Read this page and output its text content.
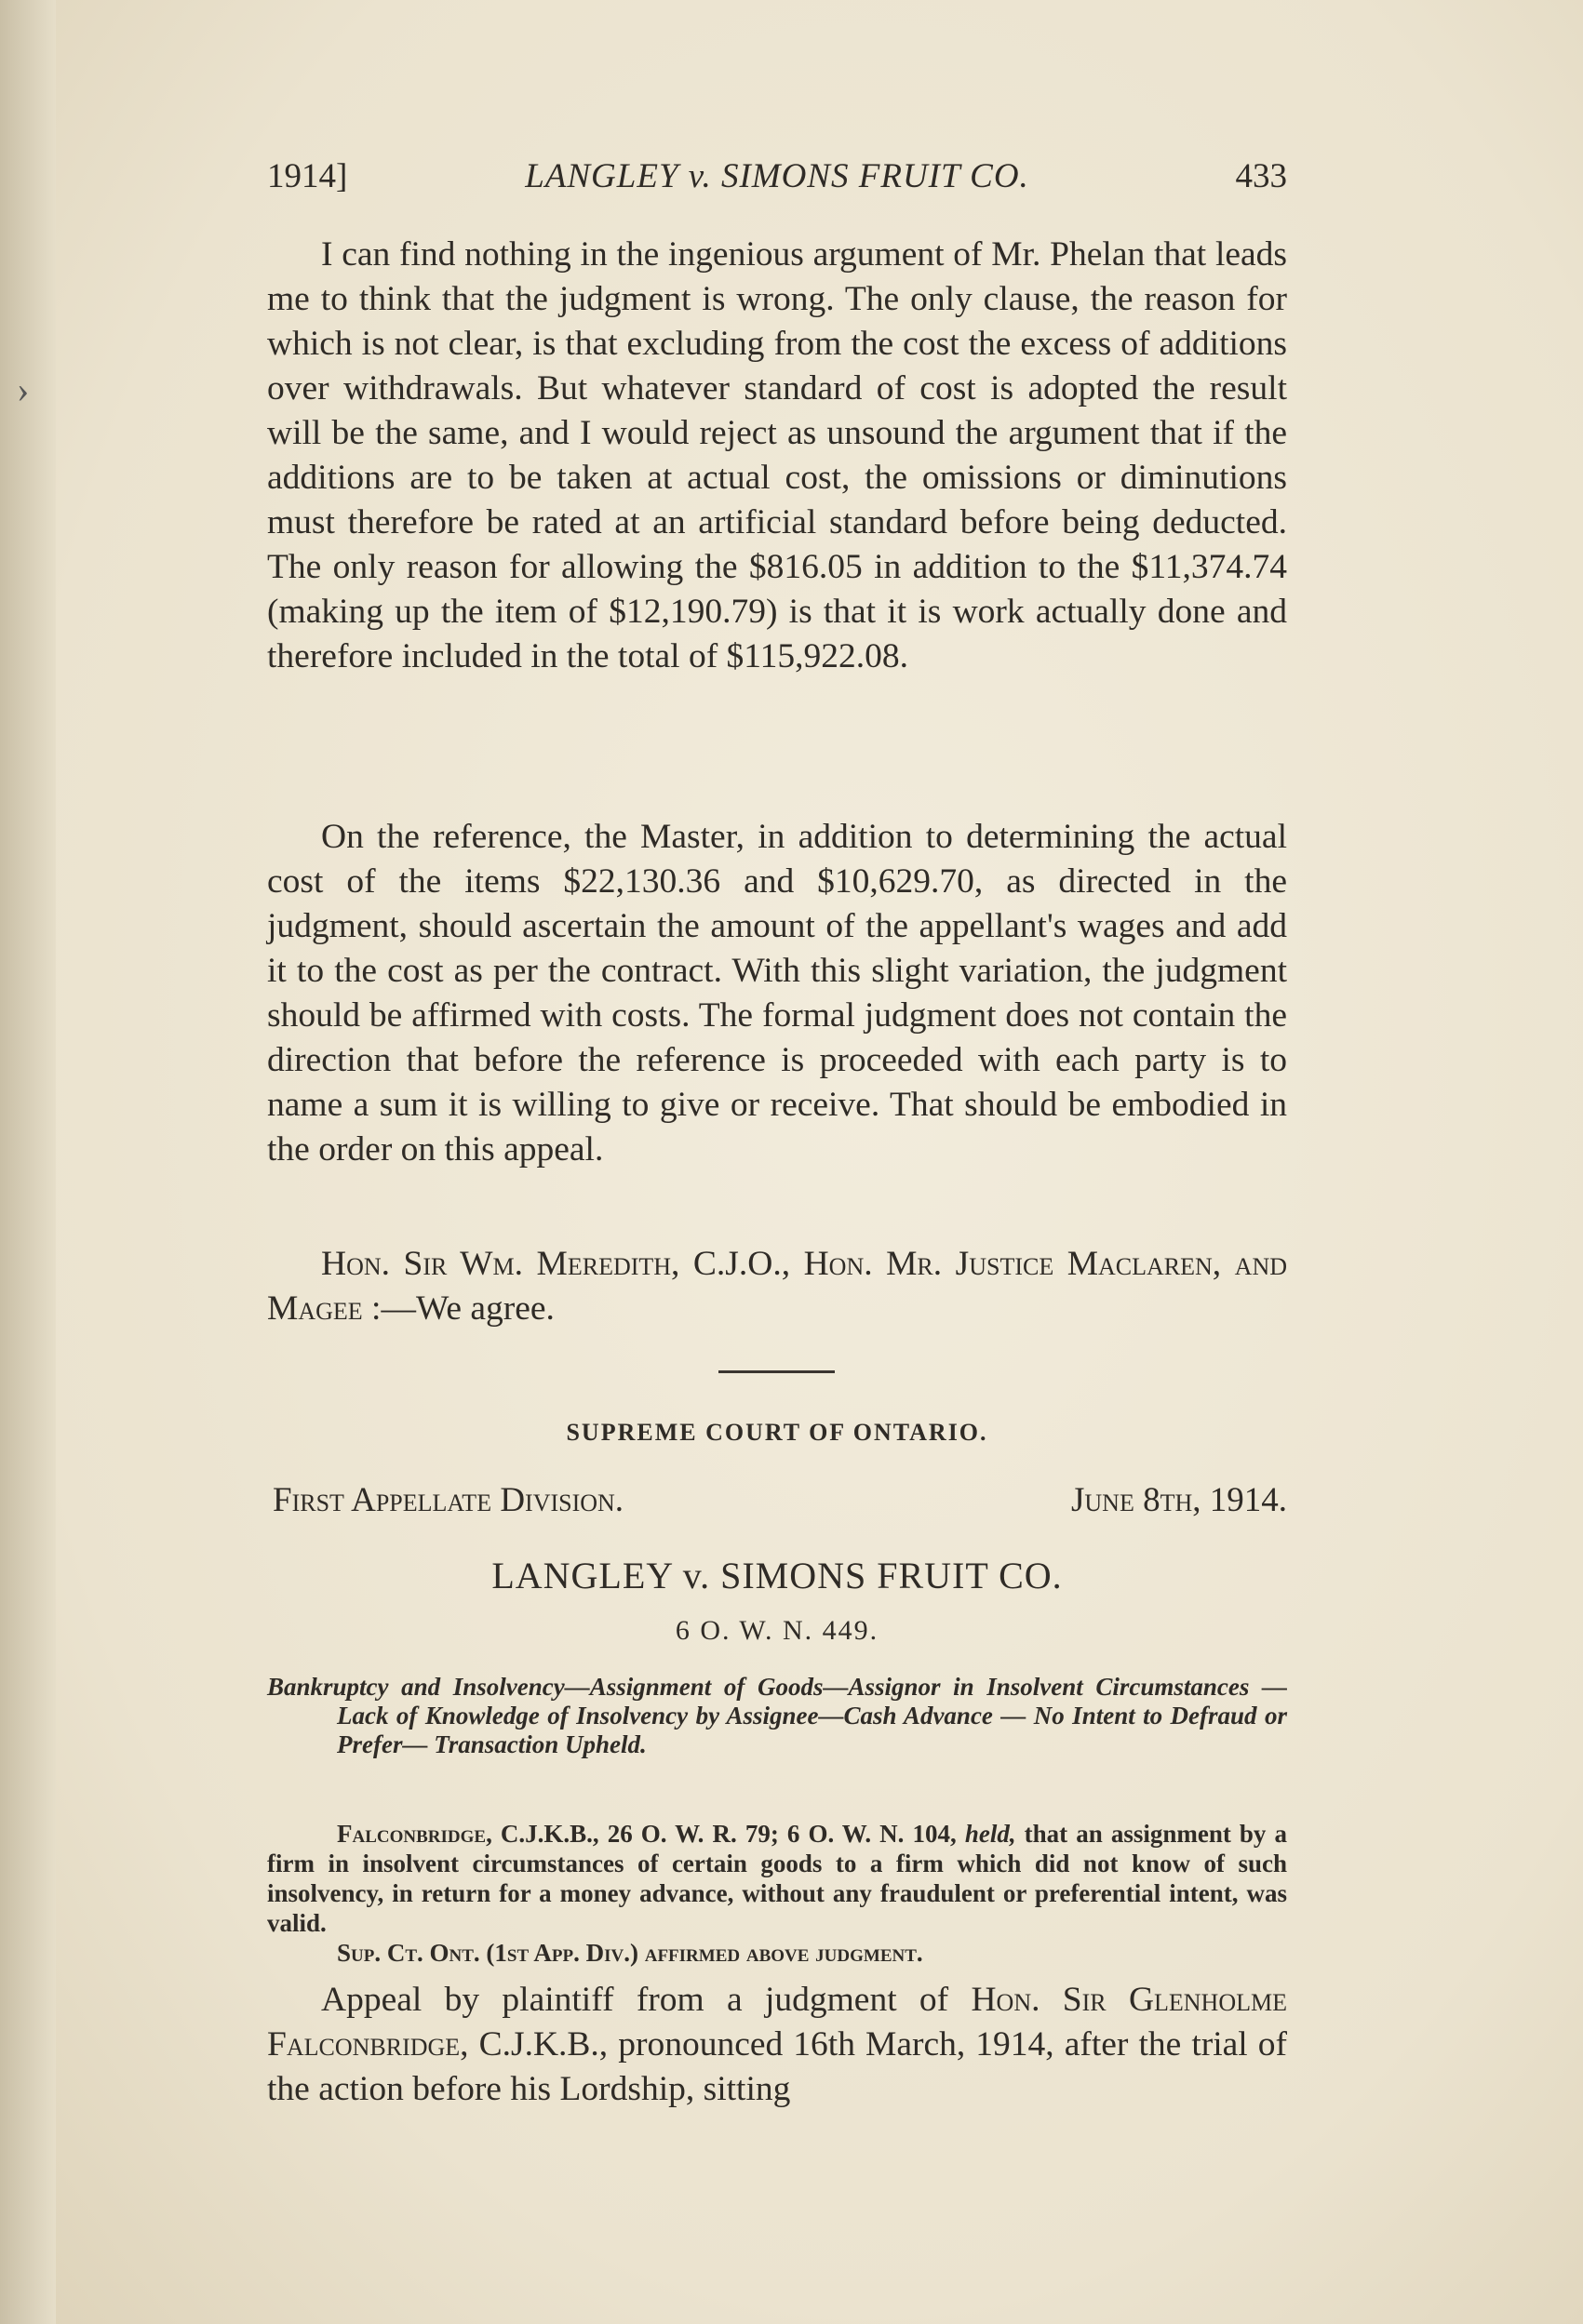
›
1914]	LANGLEY v. SIMONS FRUIT CO.	433
I can find nothing in the ingenious argument of Mr. Phelan that leads me to think that the judgment is wrong. The only clause, the reason for which is not clear, is that excluding from the cost the excess of additions over withdrawals. But whatever standard of cost is adopted the result will be the same, and I would reject as unsound the argument that if the additions are to be taken at actual cost, the omissions or diminutions must therefore be rated at an artificial standard before being deducted. The only reason for allowing the $816.05 in addition to the $11,374.74 (making up the item of $12,190.79) is that it is work actually done and therefore included in the total of $115,922.08.
On the reference, the Master, in addition to determining the actual cost of the items $22,130.36 and $10,629.70, as directed in the judgment, should ascertain the amount of the appellant's wages and add it to the cost as per the contract. With this slight variation, the judgment should be affirmed with costs. The formal judgment does not contain the direction that before the reference is proceeded with each party is to name a sum it is willing to give or receive. That should be embodied in the order on this appeal.
Hon. Sir Wm. Meredith, C.J.O., Hon. Mr. Justice Maclaren, and Magee :—We agree.
SUPREME COURT OF ONTARIO.
First Appellate Division.	June 8th, 1914.
LANGLEY v. SIMONS FRUIT CO.
6 O. W. N. 449.
Bankruptcy and Insolvency—Assignment of Goods—Assignor in Insolvent Circumstances — Lack of Knowledge of Insolvency by Assignee—Cash Advance — No Intent to Defraud or Prefer— Transaction Upheld.
Falconbridge, C.J.K.B., 26 O. W. R. 79; 6 O. W. N. 104, held, that an assignment by a firm in insolvent circumstances of certain goods to a firm which did not know of such insolvency, in return for a money advance, without any fraudulent or preferential intent, was valid.
Sup. Ct. Ont. (1st App. Div.) affirmed above judgment.
Appeal by plaintiff from a judgment of Hon. Sir Glenholme Falconbridge, C.J.K.B., pronounced 16th March, 1914, after the trial of the action before his Lordship, sitting
